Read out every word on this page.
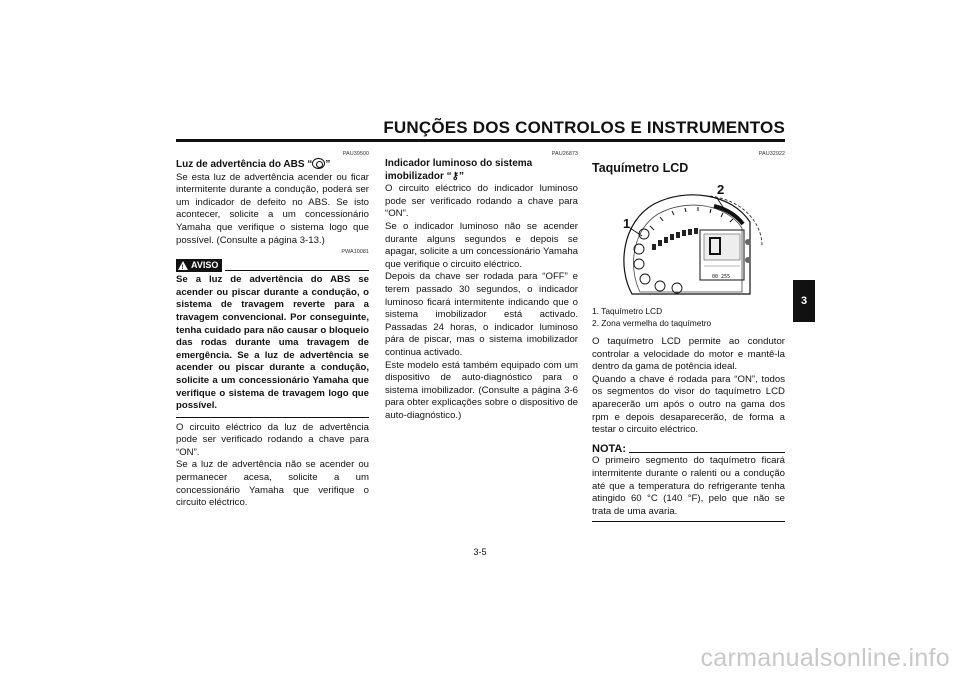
FUNÇÕES DOS CONTROLOS E INSTRUMENTOS
PAU39500
Luz de advertência do ABS “ ”

Se esta luz de advertência acender ou ficar intermitente durante a condução, poderá ser um indicador de defeito no ABS. Se isto acontecer, solicite a um concessionário Yamaha que verifique o sistema logo que possível. (Consulte a página 3-13.)

PWA10081
! AVISO
Se a luz de advertência do ABS se acender ou piscar durante a condução, o sistema de travagem reverte para a travagem convencional. Por conseguinte, tenha cuidado para não causar o bloqueio das rodas durante uma travagem de emergência. Se a luz de advertência se acender ou piscar durante a condução, solicite a um concessionário Yamaha que verifique o sistema de travagem logo que possível.

O circuito eléctrico da luz de advertência pode ser verificado rodando a chave para “ON”.

Se a luz de advertência não se acender ou permanecer acesa, solicite a um concessionário Yamaha que verifique o circuito eléctrico.

PAU26873
Indicador luminoso do sistema imobilizador “⚷”

O circuito eléctrico do indicador luminoso pode ser verificado rodando a chave para “ON”.

Se o indicador luminoso não se acender durante alguns segundos e depois se apagar, solicite a um concessionário Yamaha que verifique o circuito eléctrico.

Depois da chave ser rodada para “OFF” e terem passado 30 segundos, o indicador luminoso ficará intermitente indicando que o sistema imobilizador está activado. Passadas 24 horas, o indicador luminoso pára de piscar, mas o sistema imobilizador continua activado.

Este modelo está também equipado com um dispositivo de auto-diagnóstico para o sistema imobilizador. (Consulte a página 3-6 para obter explicações sobre o dispositivo de auto-diagnóstico.)

PAU32922
Taquímetro LCD
1
2
00 255
1. Taquímetro LCD
2. Zona vermelha do taquímetro

O taquímetro LCD permite ao condutor controlar a velocidade do motor e mantê-la dentro da gama de potência ideal.

Quando a chave é rodada para “ON”, todos os segmentos do visor do taquímetro LCD aparecerão um após o outro na gama dos rpm e depois desaparecerão, de forma a testar o circuito eléctrico.

NOTA:
O primeiro segmento do taquímetro ficará intermitente durante o ralenti ou a condução até que a temperatura do refrigerante tenha atingido 60 °C (140 °F), pelo que não se trata de uma avaria.
3
3-5
carmanualsonline.info
